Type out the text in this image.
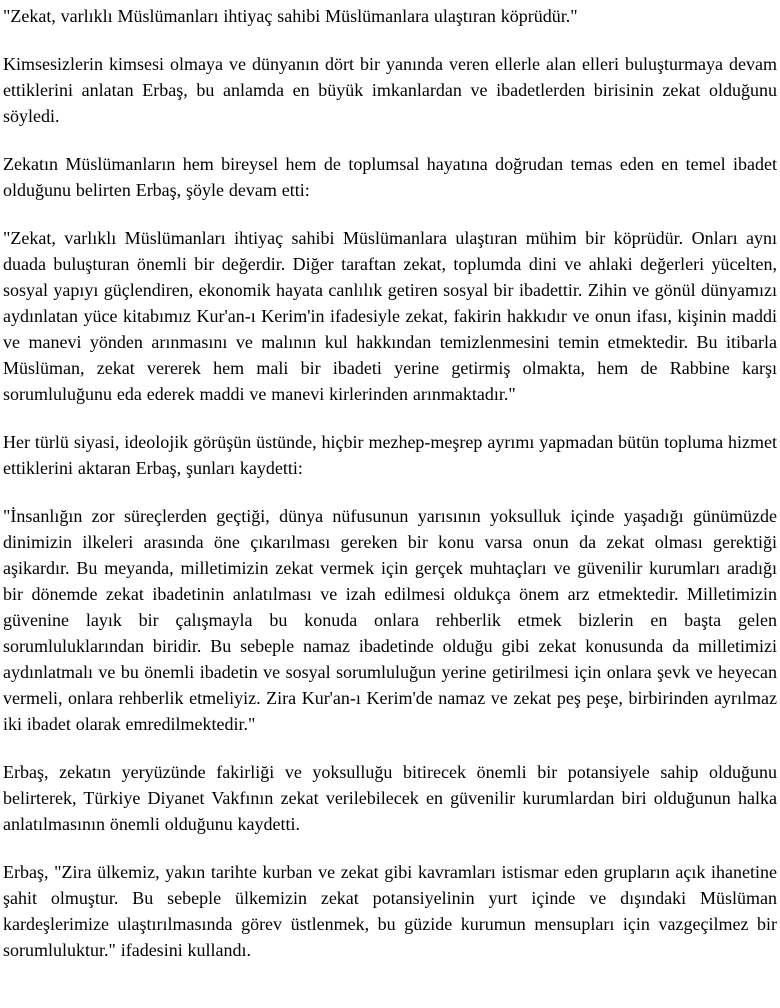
"Zekat, varlıklı Müslümanları ihtiyaç sahibi Müslümanlara ulaştıran köprüdür."

Kimsesizlerin kimsesi olmaya ve dünyanın dört bir yanında veren ellerle alan elleri buluşturmaya devam ettiklerini anlatan Erbaş, bu anlamda en büyük imkanlardan ve ibadetlerden birisinin zekat olduğunu söyledi.

Zekatın Müslümanların hem bireysel hem de toplumsal hayatına doğrudan temas eden en temel ibadet olduğunu belirten Erbaş, şöyle devam etti:

"Zekat, varlıklı Müslümanları ihtiyaç sahibi Müslümanlara ulaştıran mühim bir köprüdür. Onları aynı duada buluşturan önemli bir değerdir. Diğer taraftan zekat, toplumda dini ve ahlaki değerleri yücelten, sosyal yapıyı güçlendiren, ekonomik hayata canlılık getiren sosyal bir ibadettir. Zihin ve gönül dünyamızı aydınlatan yüce kitabımız Kur'an-ı Kerim'in ifadesiyle zekat, fakirin hakkıdır ve onun ifası, kişinin maddi ve manevi yönden arınmasını ve malının kul hakkından temizlenmesini temin etmektedir. Bu itibarla Müslüman, zekat vererek hem mali bir ibadeti yerine getirmiş olmakta, hem de Rabbine karşı sorumluluğunu eda ederek maddi ve manevi kirlerinden arınmaktadır."

Her türlü siyasi, ideolojik görüşün üstünde, hiçbir mezhep-meşrep ayrımı yapmadan bütün topluma hizmet ettiklerini aktaran Erbaş, şunları kaydetti:

"İnsanlığın zor süreçlerden geçtiği, dünya nüfusunun yarısının yoksulluk içinde yaşadığı günümüzde dinimizin ilkeleri arasında öne çıkarılması gereken bir konu varsa onun da zekat olması gerektiği aşikardır. Bu meyanda, milletimizin zekat vermek için gerçek muhtaçları ve güvenilir kurumları aradığı bir dönemde zekat ibadetinin anlatılması ve izah edilmesi oldukça önem arz etmektedir. Milletimizin güvenine layık bir çalışmayla bu konuda onlara rehberlik etmek bizlerin en başta gelen sorumluluklarından biridir. Bu sebeple namaz ibadetinde olduğu gibi zekat konusunda da milletimizi aydınlatmalı ve bu önemli ibadetin ve sosyal sorumluluğun yerine getirilmesi için onlara şevk ve heyecan vermeli, onlara rehberlik etmeliyiz. Zira Kur'an-ı Kerim'de namaz ve zekat peş peşe, birbirinden ayrılmaz iki ibadet olarak emredilmektedir."

Erbaş, zekatın yeryüzünde fakirliği ve yoksulluğu bitirecek önemli bir potansiyele sahip olduğunu belirterek, Türkiye Diyanet Vakfının zekat verilebilecek en güvenilir kurumlardan biri olduğunun halka anlatılmasının önemli olduğunu kaydetti.

Erbaş, "Zira ülkemiz, yakın tarihte kurban ve zekat gibi kavramları istismar eden grupların açık ihanetine şahit olmuştur. Bu sebeple ülkemizin zekat potansiyelinin yurt içinde ve dışındaki Müslüman kardeşlerimize ulaştırılmasında görev üstlenmek, bu güzide kurumun mensupları için vazgeçilmez bir sorumluluktur." ifadesini kullandı.
